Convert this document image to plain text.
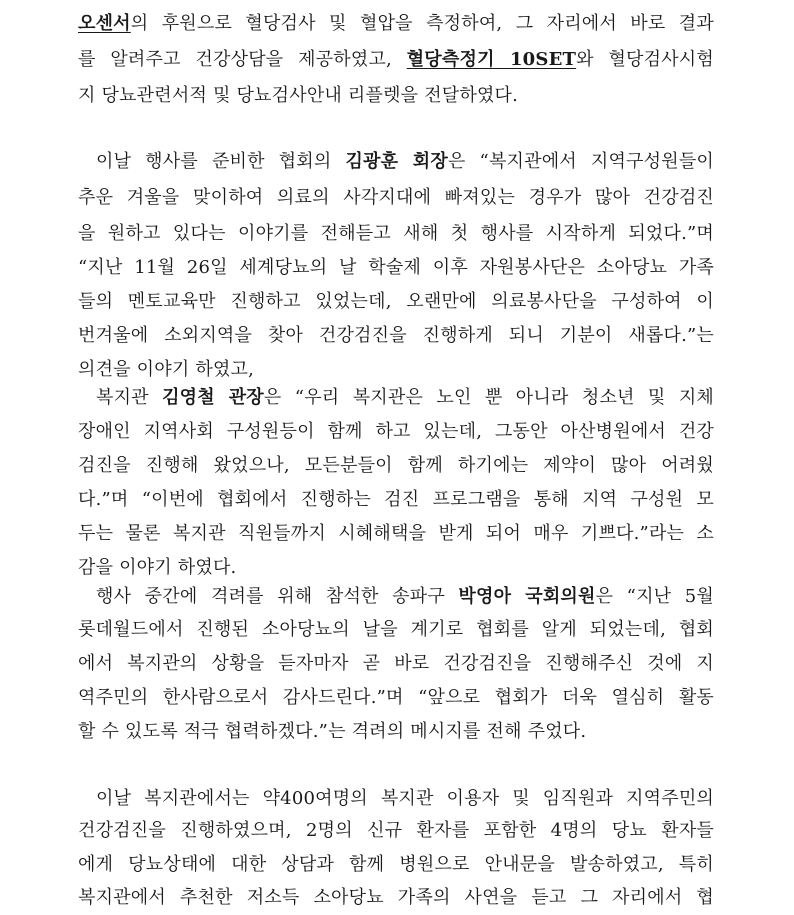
오센서의 후원으로 혈당검사 및 혈압을 측정하여, 그 자리에서 바로 결과
를 알려주고 건강상담을 제공하였고, 혈당측정기 10SET와 혈당검사시험
지 당뇨관련서적 및 당뇨검사안내 리플렛을 전달하였다.
이날 행사를 준비한 협회의 김광훈 회장은 “복지관에서 지역구성원들이
추운 겨울을 맞이하여 의료의 사각지대에 빠져있는 경우가 많아 건강검진
을 원하고 있다는 이야기를 전해듣고 새해 첫 행사를 시작하게 되었다.”며
“지난 11월 26일 세계당뇨의 날 학술제 이후 자원봉사단은 소아당뇨 가족
들의 멘토교육만 진행하고 있었는데, 오랜만에 의료봉사단을 구성하여 이
번겨울에 소외지역을 찾아 건강검진을 진행하게 되니 기분이 새롭다.”는
의견을 이야기 하였고,
복지관 김영철 관장은 “우리 복지관은 노인 뿐 아니라 청소년 및 지체
장애인 지역사회 구성원등이 함께 하고 있는데, 그동안 아산병원에서 건강
검진을 진행해 왔었으나, 모든분들이 함께 하기에는 제약이 많아 어려웠
다.”며 “이번에 협회에서 진행하는 검진 프로그램을 통해 지역 구성원 모
두는 물론 복지관 직원들까지 시혜해택을 받게 되어 매우 기쁘다.”라는 소
감을 이야기 하였다.
행사 중간에 격려를 위해 참석한 송파구 박영아 국회의원은 “지난 5월
롯데월드에서 진행된 소아당뇨의 날을 계기로 협회를 알게 되었는데, 협회
에서 복지관의 상황을 듣자마자 곧 바로 건강검진을 진행해주신 것에 지
역주민의 한사람으로서 감사드린다.”며 “앞으로 협회가 더욱 열심히 활동
할 수 있도록 적극 협력하겠다.”는 격려의 메시지를 전해 주었다.
이날 복지관에서는 약400여명의 복지관 이용자 및 임직원과 지역주민의
건강검진을 진행하였으며, 2명의 신규 환자를 포함한 4명의 당뇨 환자들
에게 당뇨상태에 대한 상담과 함께 병원으로 안내문을 발송하였고, 특히
복지관에서 추천한 저소득 소아당뇨 가족의 사연을 듣고 그 자리에서 협
